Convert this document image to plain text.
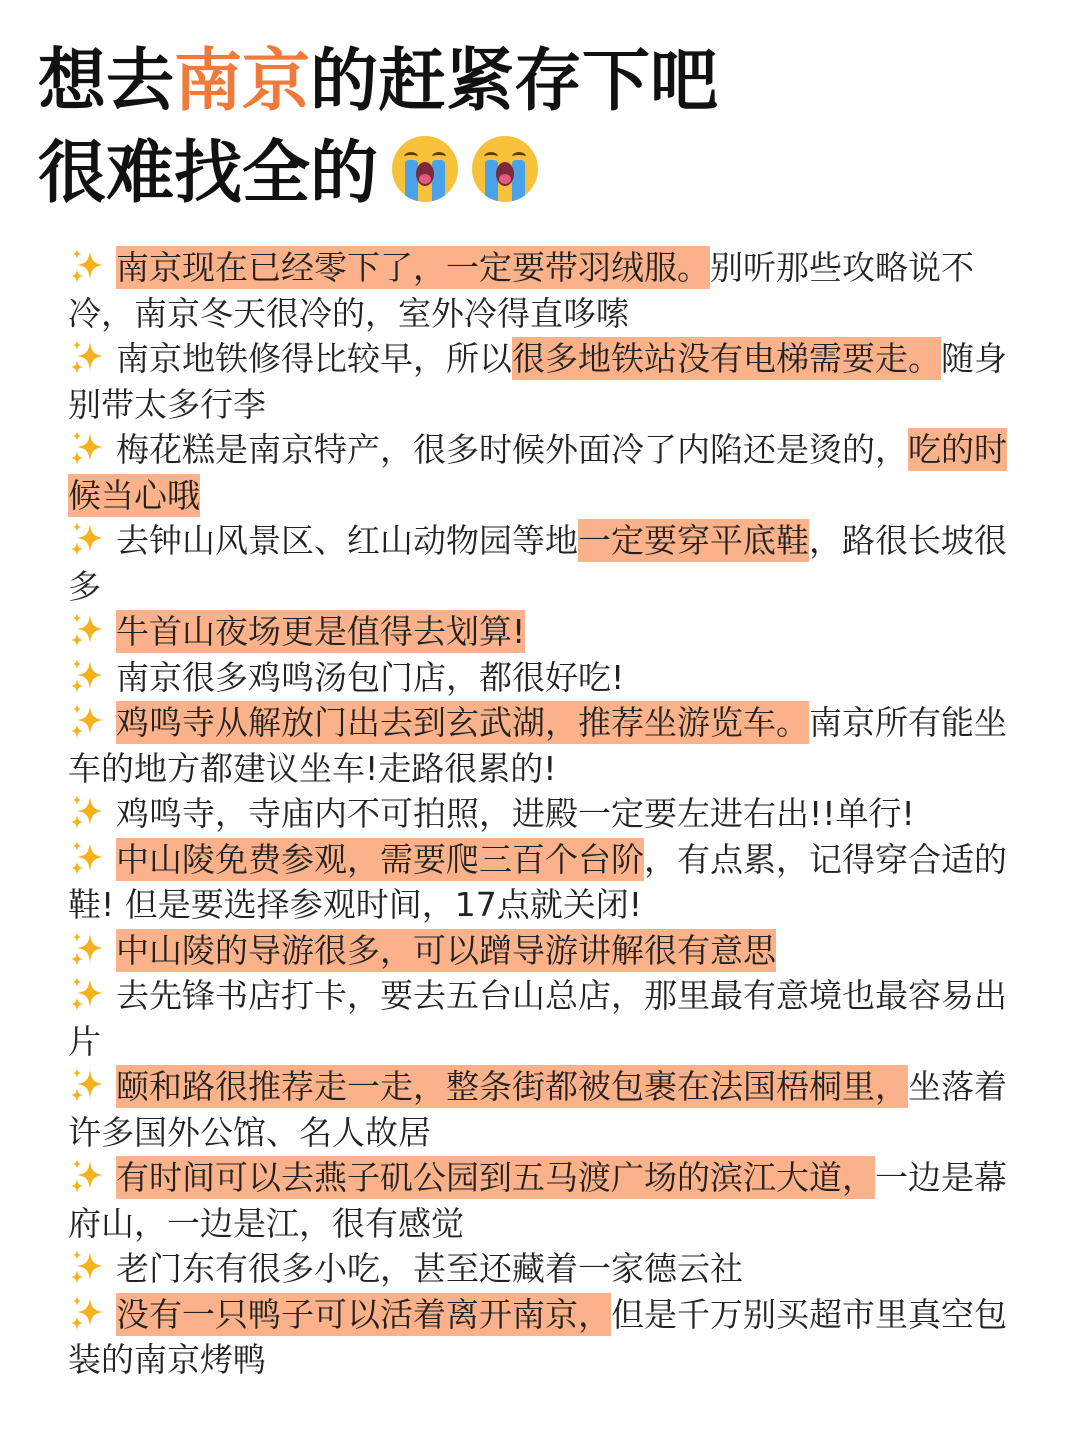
想去南京的赶紧存下吧
很难找全的

南京现在已经零下了，一定要带羽绒服。别听那些攻略说不冷，南京冬天很冷的，室外冷得直哆嗦

南京地铁修得比较早，所以很多地铁站没有电梯需要走。随身别带太多行李

梅花糕是南京特产，很多时候外面冷了内陷还是烫的，吃的时候当心哦

去钟山风景区、红山动物园等地一定要穿平底鞋，路很长坡很多

牛首山夜场更是值得去划算!

南京很多鸡鸣汤包门店，都很好吃!

鸡鸣寺从解放门出去到玄武湖，推荐坐游览车。南京所有能坐车的地方都建议坐车!走路很累的!

鸡鸣寺，寺庙内不可拍照，进殿一定要左进右出!!单行!

中山陵免费参观，需要爬三百个台阶，有点累，记得穿合适的鞋! 但是要选择参观时间，17点就关闭!

中山陵的导游很多，可以蹭导游讲解很有意思

去先锋书店打卡，要去五台山总店，那里最有意境也最容易出片

颐和路很推荐走一走，整条街都被包裹在法国梧桐里，坐落着许多国外公馆、名人故居

有时间可以去燕子矶公园到五马渡广场的滨江大道，一边是幕府山，一边是江，很有感觉

老门东有很多小吃，甚至还藏着一家德云社

没有一只鸭子可以活着离开南京，但是千万别买超市里真空包装的南京烤鸭
